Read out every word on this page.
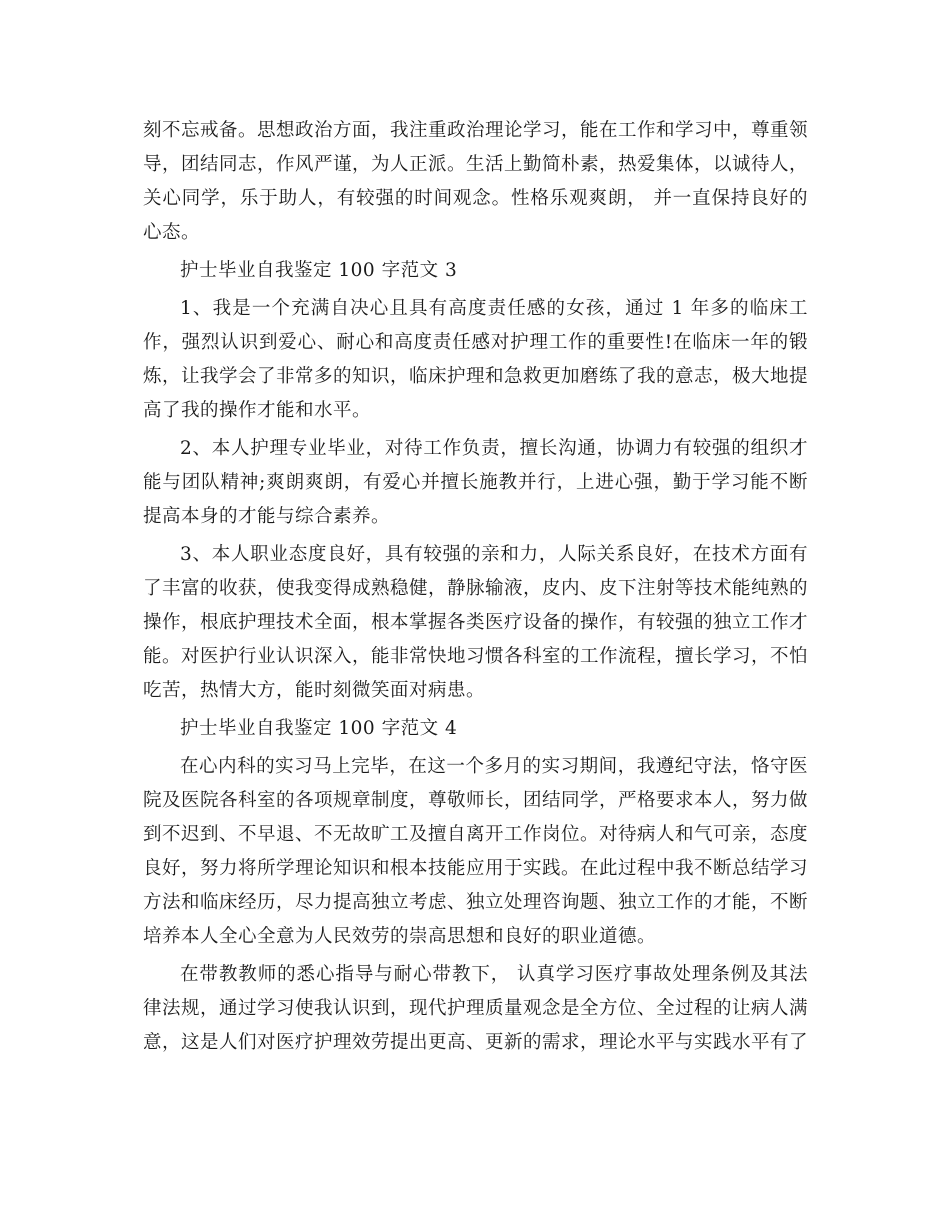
刻不忘戒备。思想政治方面，我注重政治理论学习，能在工作和学习中，尊重领导，团结同志，作风严谨，为人正派。生活上勤简朴素，热爱集体，以诚待人，关心同学，乐于助人，有较强的时间观念。性格乐观爽朗， 并一直保持良好的心态。

护士毕业自我鉴定 100 字范文 3

1、我是一个充满自决心且具有高度责任感的女孩，通过 1 年多的临床工作，强烈认识到爱心、耐心和高度责任感对护理工作的重要性!在临床一年的锻炼，让我学会了非常多的知识，临床护理和急救更加磨练了我的意志，极大地提高了我的操作才能和水平。

2、本人护理专业毕业，对待工作负责，擅长沟通，协调力有较强的组织才能与团队精神;爽朗爽朗，有爱心并擅长施教并行，上进心强，勤于学习能不断提高本身的才能与综合素养。

3、本人职业态度良好，具有较强的亲和力，人际关系良好，在技术方面有了丰富的收获，使我变得成熟稳健，静脉输液，皮内、皮下注射等技术能纯熟的操作，根底护理技术全面，根本掌握各类医疗设备的操作，有较强的独立工作才能。对医护行业认识深入，能非常快地习惯各科室的工作流程，擅长学习，不怕吃苦，热情大方，能时刻微笑面对病患。

护士毕业自我鉴定 100 字范文 4

在心内科的实习马上完毕，在这一个多月的实习期间，我遵纪守法，恪守医院及医院各科室的各项规章制度，尊敬师长，团结同学，严格要求本人，努力做到不迟到、不早退、不无故旷工及擅自离开工作岗位。对待病人和气可亲，态度良好，努力将所学理论知识和根本技能应用于实践。在此过程中我不断总结学习方法和临床经历，尽力提高独立考虑、独立处理咨询题、独立工作的才能，不断培养本人全心全意为人民效劳的崇高思想和良好的职业道德。

在带教教师的悉心指导与耐心带教下， 认真学习医疗事故处理条例及其法律法规，通过学习使我认识到，现代护理质量观念是全方位、全过程的让病人满意，这是人们对医疗护理效劳提出更高、更新的需求，理论水平与实践水平有了
